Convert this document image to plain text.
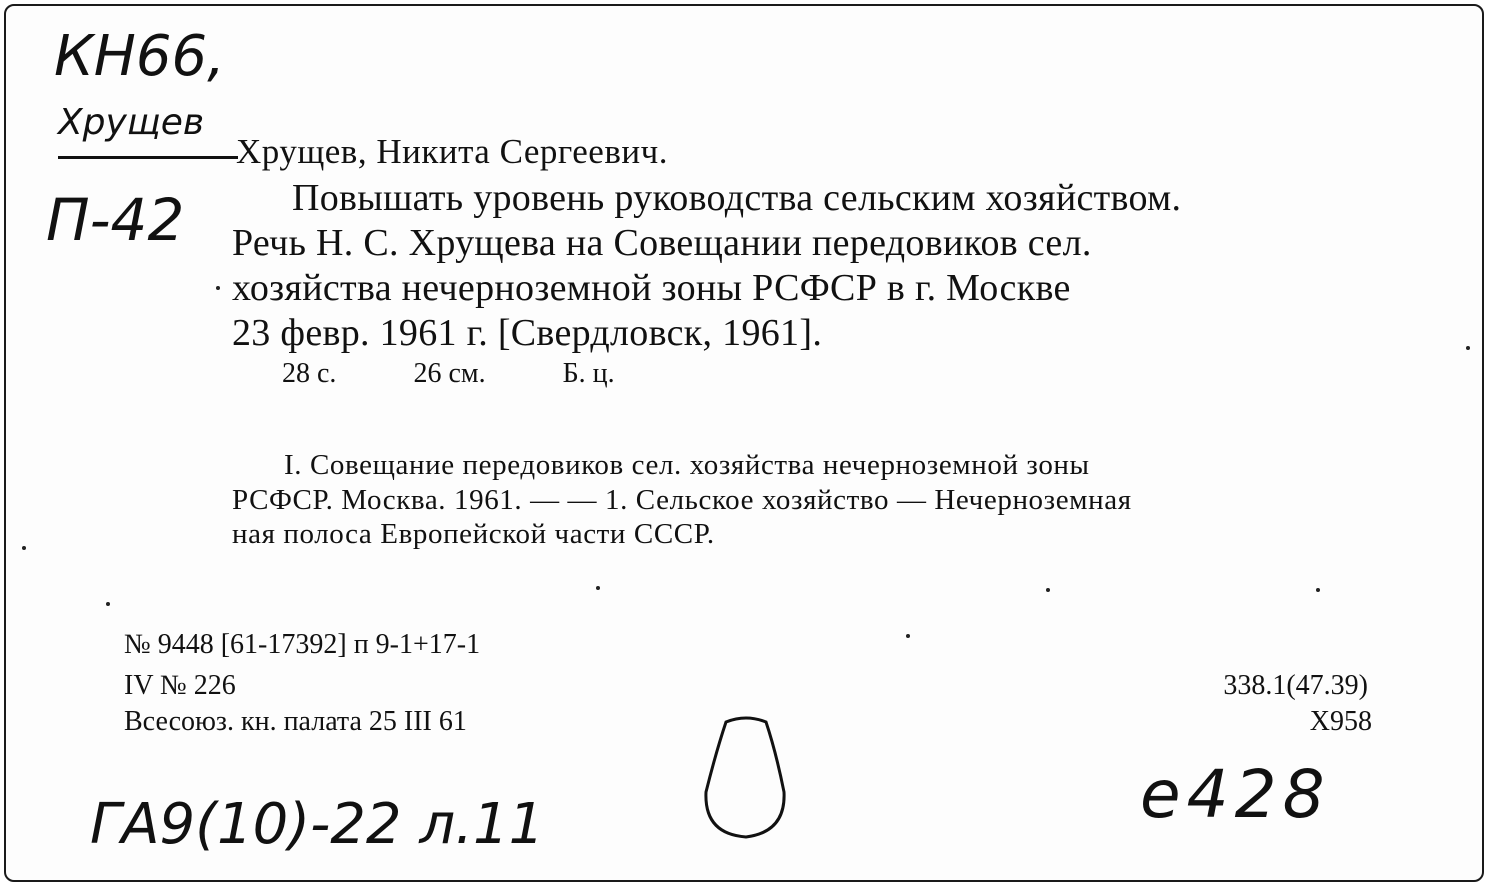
КН66,
Хрущев
П-42
Хрущев, Никита Сергеевич.
Повышать уровень руководства сельским хозяйством.
Речь Н. С. Хрущева на Совещании передовиков сел.
хозяйства нечерноземной зоны РСФСР в г. Москве
23 февр. 1961 г. [Свердловск, 1961].
28 с.	26 см.	Б. ц.
I. Совещание передовиков сел. хозяйства нечерноземной зоны
РСФСР. Москва. 1961. — — 1. Сельское хозяйство — Нечерноземная
ная полоса Европейской части СССР.
№ 9448 [61-17392] п 9-1+17-1
IV № 226
Всесоюз. кн. палата 25 III 61
338.1(47.39)
Х958
ГА9(10)-22 л.11	е428
